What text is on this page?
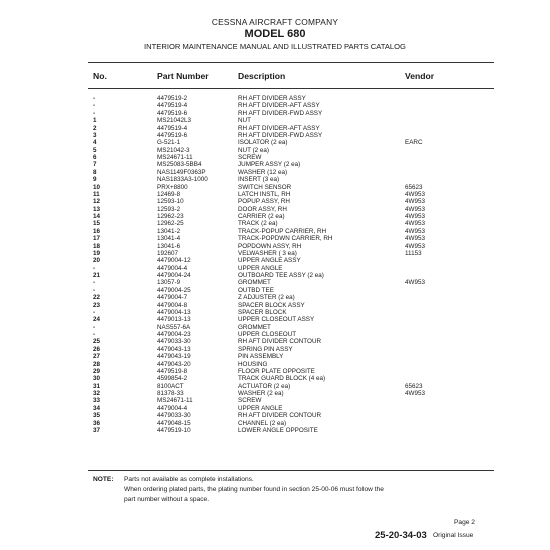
CESSNA AIRCRAFT COMPANY
MODEL 680
INTERIOR MAINTENANCE MANUAL AND ILLUSTRATED PARTS CATALOG
No.	Part Number	Description	Vendor
-	4479519-2	RH AFT DIVIDER ASSY
-	4479519-4	RH AFT DIVIDER-AFT ASSY
-	4479519-6	RH AFT DIVIDER-FWD ASSY
1	MS21042L3	NUT
2	4479519-4	RH AFT DIVIDER-AFT ASSY
3	4479519-6	RH AFT DIVIDER-FWD ASSY
4	G-521-1	ISOLATOR (2 ea)	EARC
5	MS21042-3	NUT (2 ea)
6	MS24671-11	SCREW
7	MS25083-5BB4	JUMPER ASSY (2 ea)
8	NAS1149F0363P	WASHER (12 ea)
9	NAS1833A3-1000	INSERT (3 ea)
10	PRX+8800	SWITCH SENSOR	65623
11	12469-8	LATCH INSTL, RH	4W953
12	12593-10	POPUP ASSY, RH	4W953
13	12593-2	DOOR ASSY, RH	4W953
14	12962-23	CARRIER (2 ea)	4W953
15	12962-25	TRACK (2 ea)	4W953
16	13041-2	TRACK-POPUP CARRIER, RH	4W953
17	13041-4	TRACK-POPDWN CARRIER, RH	4W953
18	13041-6	POPDOWN ASSY, RH	4W953
19	192607	VELWASHER ( 3 ea)	11153
20	4479004-12	UPPER ANGLE ASSY
-	4479004-4	UPPER ANGLE
21	4479004-24	OUTBOARD TEE ASSY (2 ea)
-	13057-9	GROMMET	4W953
-	4479004-25	OUTBD TEE
22	4479004-7	Z ADJUSTER (2 ea)
23	4479004-8	SPACER BLOCK ASSY
-	4479004-13	SPACER BLOCK
24	4479013-13	UPPER CLOSEOUT ASSY
-	NAS557-6A	GROMMET
-	4479004-23	UPPER CLOSEOUT
25	4479033-30	RH AFT DIVIDER CONTOUR
26	4479043-13	SPRING PIN ASSY
27	4479043-19	PIN ASSEMBLY
28	4479043-20	HOUSING
29	4479519-8	FLOOR PLATE OPPOSITE
30	4599854-2	TRACK GUARD BLOCK (4 ea)
31	8100ACT	ACTUATOR (2 ea)	65623
32	81378-33	WASHER (2 ea)	4W953
33	MS24671-11	SCREW
34	4479004-4	UPPER ANGLE
35	4479033-30	RH AFT DIVIDER CONTOUR
36	4479048-15	CHANNEL (2 ea)
37	4479519-10	LOWER ANGLE OPPOSITE
NOTE: Parts not available as complete installations.
When ordering plated parts, the plating number found in section 25-00-06 must follow the
part number without a space.
Page 2
25-20-34-03 Original Issue
